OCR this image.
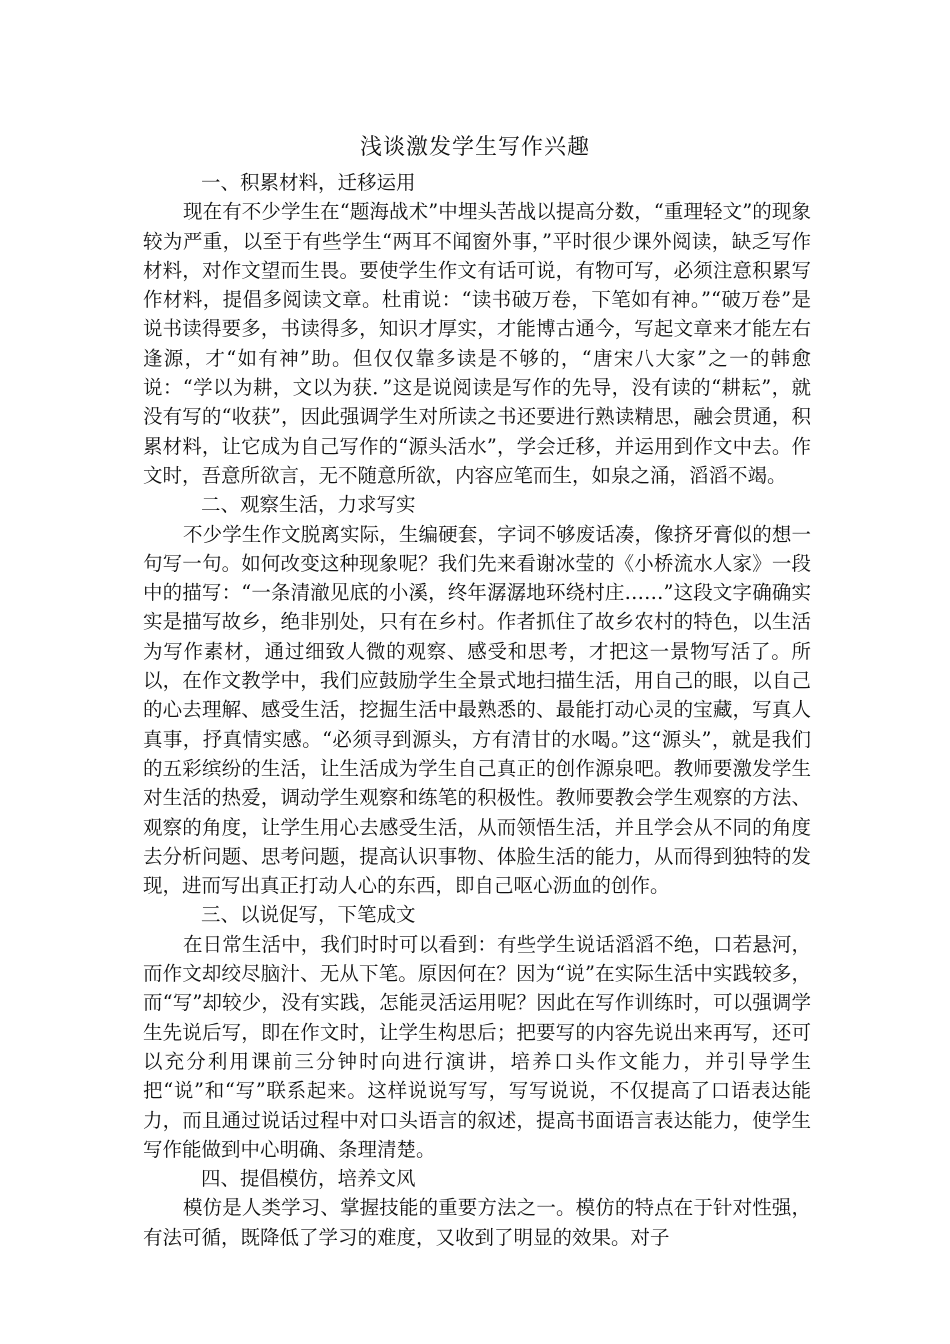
浅谈激发学生写作兴趣

一、积累材料，迁移运用

现在有不少学生在“题海战术”中埋头苦战以提高分数，“重理轻文”的现象较为严重，以至于有些学生“两耳不闻窗外事，”平时很少课外阅读，缺乏写作材料，对作文望而生畏。要使学生作文有话可说，有物可写，必须注意积累写作材料，提倡多阅读文章。杜甫说：“读书破万卷，下笔如有神。”“破万卷”是说书读得要多，书读得多，知识才厚实，才能博古通今，写起文章来才能左右逢源，才“如有神”助。但仅仅靠多读是不够的，“唐宋八大家”之一的韩愈说：“学以为耕，文以为获．”这是说阅读是写作的先导，没有读的“耕耘”，就没有写的“收获”，因此强调学生对所读之书还要进行熟读精思，融会贯通，积累材料，让它成为自己写作的“源头活水”，学会迁移，并运用到作文中去。作文时，吾意所欲言，无不随意所欲，内容应笔而生，如泉之涌，滔滔不竭。

二、观察生活，力求写实

不少学生作文脱离实际，生编硬套，字词不够废话凑，像挤牙膏似的想一句写一句。如何改变这种现象呢？我们先来看谢冰莹的《小桥流水人家》一段中的描写：“一条清澈见底的小溪，终年潺潺地环绕村庄……”这段文字确确实实是描写故乡，绝非别处，只有在乡村。作者抓住了故乡农村的特色，以生活为写作素材，通过细致人微的观察、感受和思考，才把这一景物写活了。所以，在作文教学中，我们应鼓励学生全景式地扫描生活，用自己的眼，以自己的心去理解、感受生活，挖掘生活中最熟悉的、最能打动心灵的宝藏，写真人真事，抒真情实感。“必须寻到源头，方有清甘的水喝。”这“源头”，就是我们的五彩缤纷的生活，让生活成为学生自己真正的创作源泉吧。教师要激发学生对生活的热爱，调动学生观察和练笔的积极性。教师要教会学生观察的方法、观察的角度，让学生用心去感受生活，从而领悟生活，并且学会从不同的角度去分析问题、思考问题，提高认识事物、体脸生活的能力，从而得到独特的发现，进而写出真正打动人心的东西，即自己呕心沥血的创作。

三、以说促写，下笔成文

在日常生活中，我们时时可以看到：有些学生说话滔滔不绝，口若悬河，而作文却绞尽脑汁、无从下笔。原因何在？因为“说”在实际生活中实践较多，而“写”却较少，没有实践，怎能灵活运用呢？因此在写作训练时，可以强调学生先说后写，即在作文时，让学生构思后；把要写的内容先说出来再写，还可以充分利用课前三分钟时向进行演讲，培养口头作文能力，并引导学生把“说”和“写”联系起来。这样说说写写，写写说说，不仅提高了口语表达能力，而且通过说话过程中对口头语言的叙述，提高书面语言表达能力，使学生写作能做到中心明确、条理清楚。

四、提倡模仿，培养文风

模仿是人类学习、掌握技能的重要方法之一。模仿的特点在于针对性强，有法可循，既降低了学习的难度，又收到了明显的效果。对子
